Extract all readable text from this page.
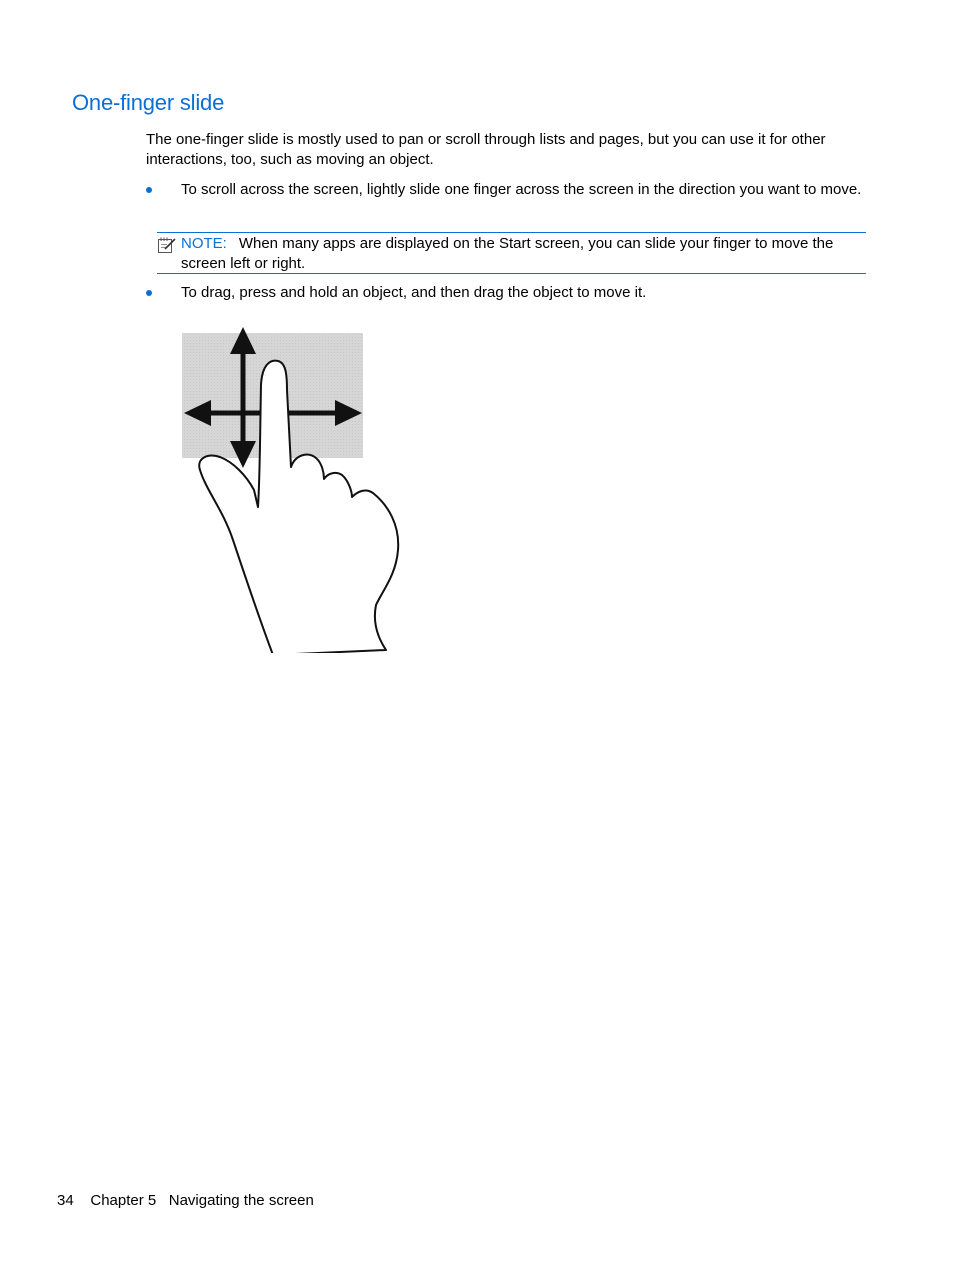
One-finger slide

The one-finger slide is mostly used to pan or scroll through lists and pages, but you can use it for other interactions, too, such as moving an object.

To scroll across the screen, lightly slide one finger across the screen in the direction you want to move.
NOTE: When many apps are displayed on the Start screen, you can slide your finger to move the screen left or right.
To drag, press and hold an object, and then drag the object to move it.
34 Chapter 5 Navigating the screen
